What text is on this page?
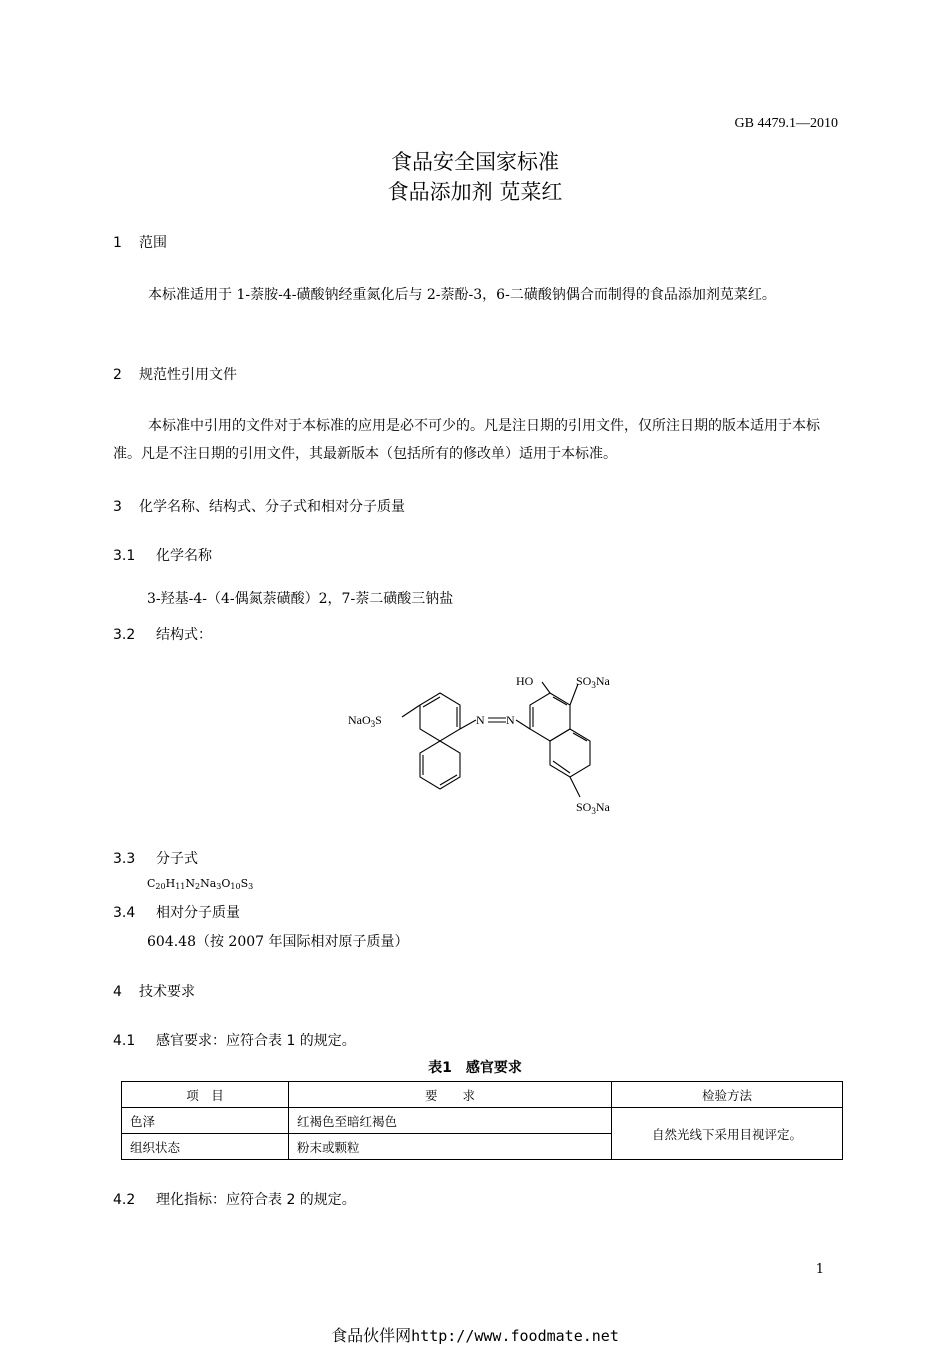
GB 4479.1—2010
食品安全国家标准
食品添加剂 苋菜红
1 范围
本标准适用于 1-萘胺-4-磺酸钠经重氮化后与 2-萘酚-3，6-二磺酸钠偶合而制得的食品添加剂苋菜红。
2 规范性引用文件
本标准中引用的文件对于本标准的应用是必不可少的。凡是注日期的引用文件，仅所注日期的版本适用于本标准。凡是不注日期的引用文件，其最新版本（包括所有的修改单）适用于本标准。
3 化学名称、结构式、分子式和相对分子质量
3.1 化学名称
3-羟基-4-（4-偶氮萘磺酸）2，7-萘二磺酸三钠盐
3.2 结构式：
NaO$_3$S	N N
HO	$SO_3Na$
$SO_3Na$
3.3 分子式
$C_{20}H_{11}N_2Na_3O_{10}S_3$
3.4 相对分子质量
604.48（按 2007 年国际相对原子质量）
4 技术要求
4.1 感官要求：应符合表 1 的规定。
表1　感官要求
项　目	要　　求	检验方法
色泽	红褐色至暗红褐色	自然光线下采用目视评定。
组织状态	粉末或颗粒	
4.2 理化指标：应符合表 2 的规定。
1
食品伙伴网http://www.foodmate.net
